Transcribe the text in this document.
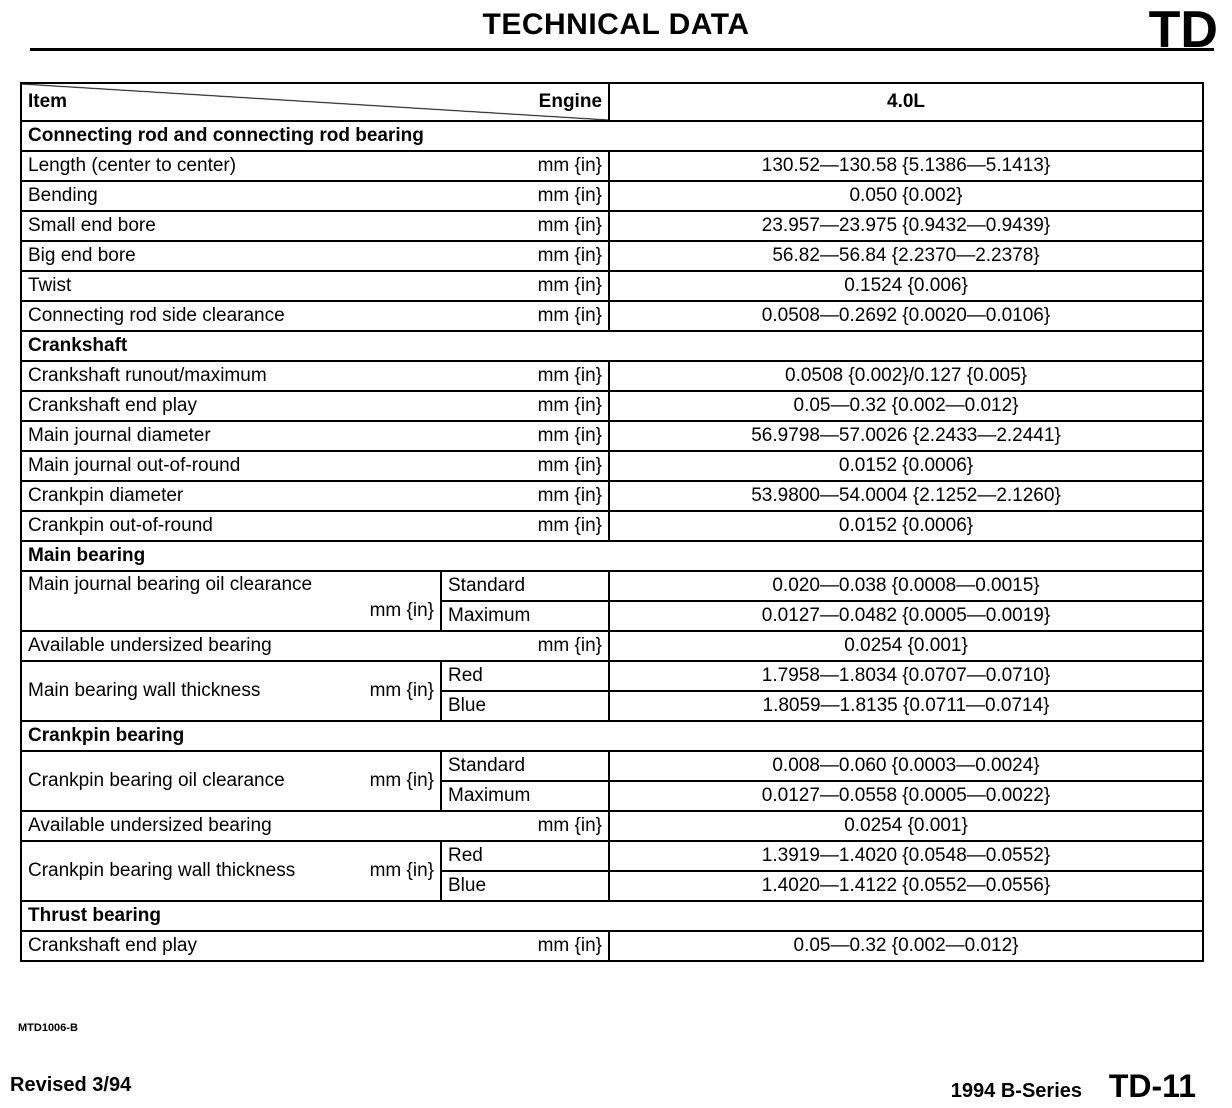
TECHNICAL DATA	TD
Item Engine		4.0L
Connecting rod and connecting rod bearing		

Length (center to center) mm {in}		130.52—130.58 {5.1386—5.1413}

Bending mm {in}		0.050 {0.002}

Small end bore mm {in}		23.957—23.975 {0.9432—0.9439}

Big end bore mm {in}		56.82—56.84 {2.2370—2.2378}

Twist mm {in}		0.1524 {0.006}

Connecting rod side clearance mm {in}		0.0508—0.2692 {0.0020—0.0106}
Crankshaft		

Crankshaft runout/maximum mm {in}		0.0508 {0.002}/0.127 {0.005}

Crankshaft end play mm {in}		0.05—0.32 {0.002—0.012}

Main journal diameter mm {in}		56.9798—57.0026 {2.2433—2.2441}

Main journal out-of-round mm {in}		0.0152 {0.0006}

Crankpin diameter mm {in}		53.9800—54.0004 {2.1252—2.1260}

Crankpin out-of-round mm {in}		0.0152 {0.0006}
Main bearing		

Main journal bearing oil clearance
mm {in}	Standard	0.020—0.038 {0.0008—0.0015}
	Maximum	0.0127—0.0482 {0.0005—0.0019}

Available undersized bearing mm {in}		0.0254 {0.001}

Main bearing wall thickness mm {in}	Red	1.7958—1.8034 {0.0707—0.0710}
	Blue	1.8059—1.8135 {0.0711—0.0714}
Crankpin bearing		

Crankpin bearing oil clearance mm {in}	Standard	0.008—0.060 {0.0003—0.0024}
	Maximum	0.0127—0.0558 {0.0005—0.0022}

Available undersized bearing mm {in}		0.0254 {0.001}

Crankpin bearing wall thickness mm {in}	Red	1.3919—1.4020 {0.0548—0.0552}
	Blue	1.4020—1.4122 {0.0552—0.0556}
Thrust bearing		

Crankshaft end play mm {in}		0.05—0.32 {0.002—0.012}
MTD1006-B
Revised 3/94	1994 B-Series TD-11
